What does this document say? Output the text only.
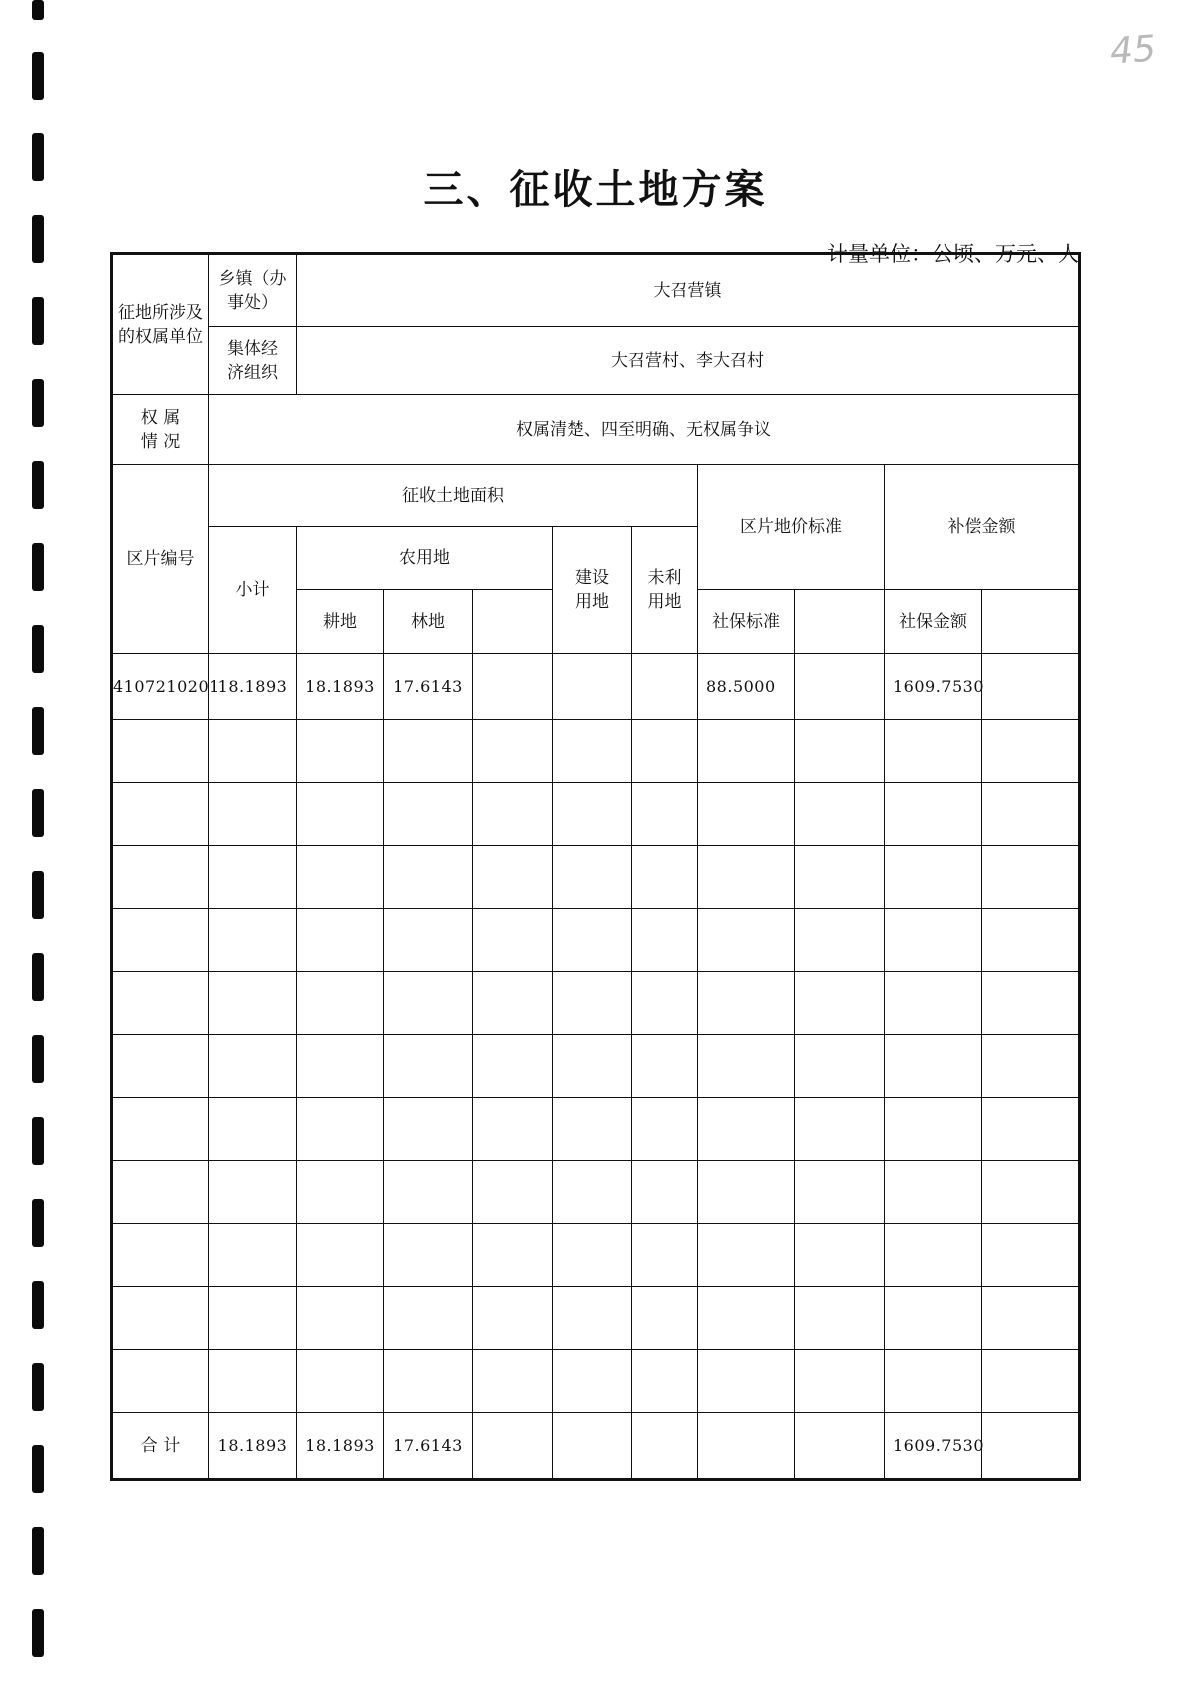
45
三、征收土地方案
计量单位：公顷、万元、人
征地所涉及的权属单位	乡镇（办事处）	大召营镇								
	集体经济组织	大召营村、李大召村								
权 属 情 况	权属清楚、四至明确、无权属争议									
区片编号	征收土地面积						区片地价标准		补偿金额	
	小计	农用地			建设用地	未利用地				
		耕地	林地				社保标准		社保金额	
4107210201	18.1893	18.1893	17.6143				88.5000		1609.7530	

合 计	18.1893	18.1893	17.6143						1609.7530	
